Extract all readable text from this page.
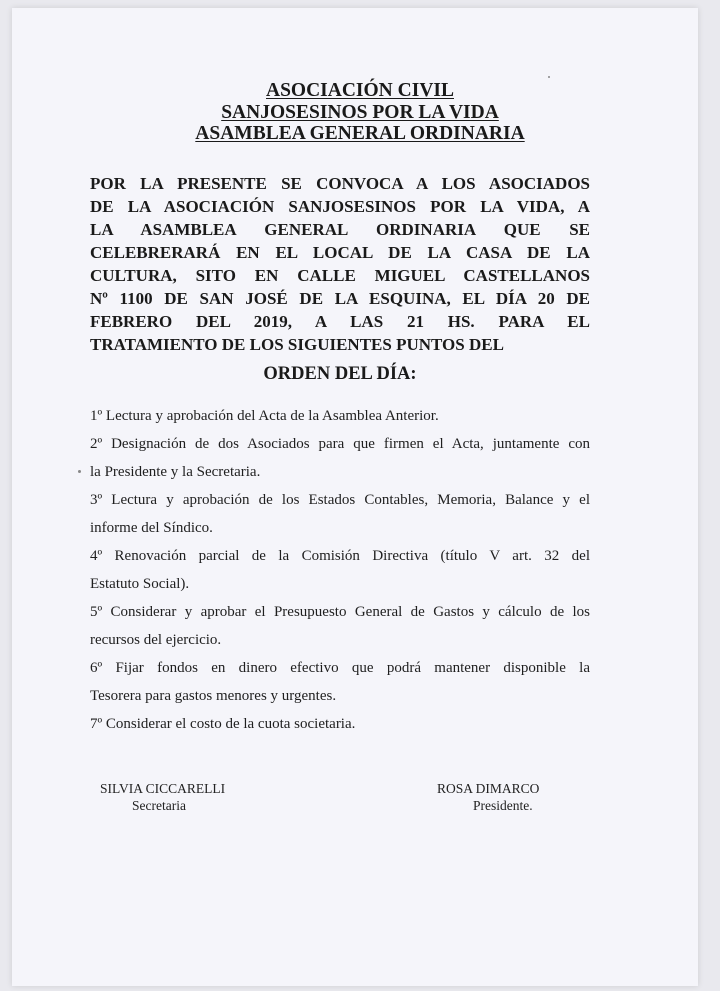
ASOCIACIÓN CIVIL
SANJOSESINOS POR LA VIDA
ASAMBLEA GENERAL ORDINARIA
POR LA PRESENTE SE CONVOCA A LOS ASOCIADOS
DE LA ASOCIACIÓN SANJOSESINOS POR LA VIDA, A
LA ASAMBLEA GENERAL ORDINARIA QUE SE
CELEBRERARÁ EN EL LOCAL DE LA CASA DE LA
CULTURA, SITO EN CALLE MIGUEL CASTELLANOS
Nº 1100 DE SAN JOSÉ DE LA ESQUINA, EL DÍA 20 DE
FEBRERO DEL 2019, A LAS 21 HS. PARA EL
TRATAMIENTO DE LOS SIGUIENTES PUNTOS DEL
ORDEN DEL DÍA:
1º Lectura y aprobación del Acta de la Asamblea Anterior.
2º Designación de dos Asociados para que firmen el Acta, juntamente con
la Presidente y la Secretaria.
3º Lectura y aprobación de los Estados Contables, Memoria, Balance y el
informe del Síndico.
4º Renovación parcial de la Comisión Directiva (título V art. 32 del
Estatuto Social).
5º Considerar y aprobar el Presupuesto General de Gastos y cálculo de los
recursos del ejercicio.
6º Fijar fondos en dinero efectivo que podrá mantener disponible la
Tesorera para gastos menores y urgentes.
7º Considerar el costo de la cuota societaria.
SILVIA CICCARELLI
Secretaria
ROSA DIMARCO
Presidente.
